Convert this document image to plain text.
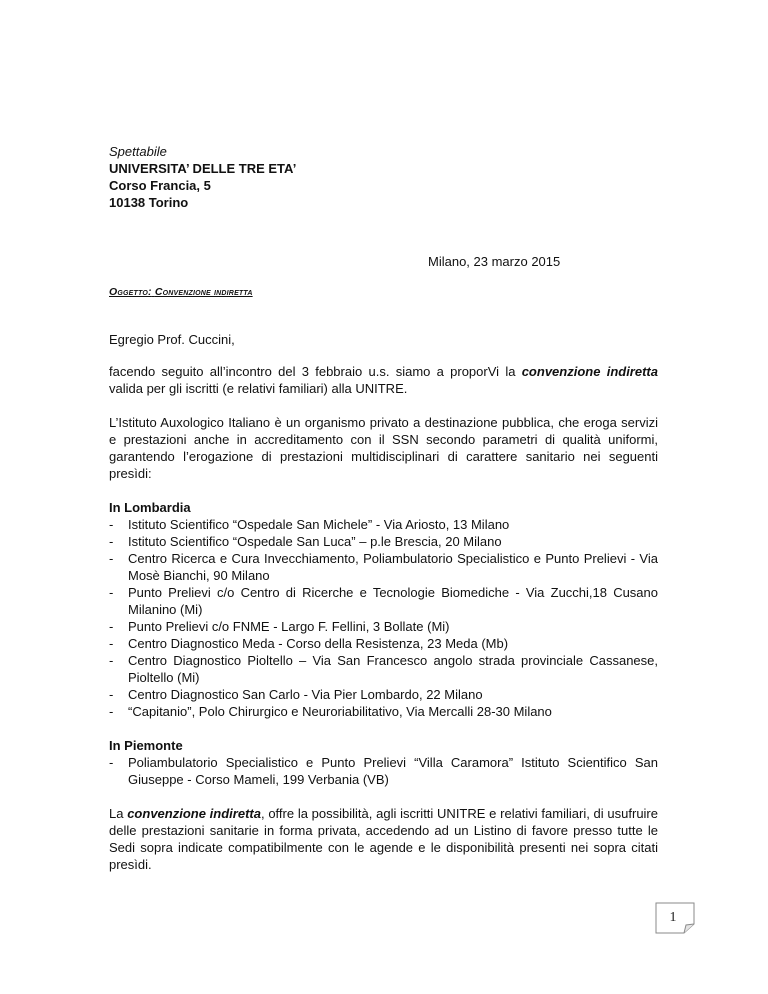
Spettabile
UNIVERSITA’ DELLE TRE ETA’
Corso Francia, 5
10138 Torino
Milano, 23 marzo 2015
Oggetto: Convenzione indiretta

Egregio Prof. Cuccini,

facendo seguito all’incontro del 3 febbraio u.s. siamo a proporVi la convenzione indiretta valida per gli iscritti (e relativi familiari) alla UNITRE.

L’Istituto Auxologico Italiano è un organismo privato a destinazione pubblica, che eroga servizi e prestazioni anche in accreditamento con il SSN secondo parametri di qualità uniformi, garantendo l’erogazione di prestazioni multidisciplinari di carattere sanitario nei seguenti presìdi:

In Lombardia

- Istituto Scientifico “Ospedale San Michele” - Via Ariosto, 13 Milano
- Istituto Scientifico “Ospedale San Luca” – p.le Brescia, 20 Milano
- Centro Ricerca e Cura Invecchiamento, Poliambulatorio Specialistico e Punto Prelievi - Via Mosè Bianchi, 90 Milano
- Punto Prelievi c/o Centro di Ricerche e Tecnologie Biomediche - Via Zucchi,18 Cusano Milanino (Mi)
- Punto Prelievi c/o FNME - Largo F. Fellini, 3 Bollate (Mi)
- Centro Diagnostico Meda - Corso della Resistenza, 23 Meda (Mb)
- Centro Diagnostico Pioltello – Via San Francesco angolo strada provinciale Cassanese, Pioltello (Mi)
- Centro Diagnostico San Carlo - Via Pier Lombardo, 22 Milano
- “Capitanio”, Polo Chirurgico e Neuroriabilitativo, Via Mercalli 28-30 Milano

In Piemonte

- Poliambulatorio Specialistico e Punto Prelievi “Villa Caramora” Istituto Scientifico San Giuseppe - Corso Mameli, 199 Verbania (VB)

La convenzione indiretta, offre la possibilità, agli iscritti UNITRE e relativi familiari, di usufruire delle prestazioni sanitarie in forma privata, accedendo ad un Listino di favore presso tutte le Sedi sopra indicate compatibilmente con le agende e le disponibilità presenti nei sopra citati presìdi.

1
